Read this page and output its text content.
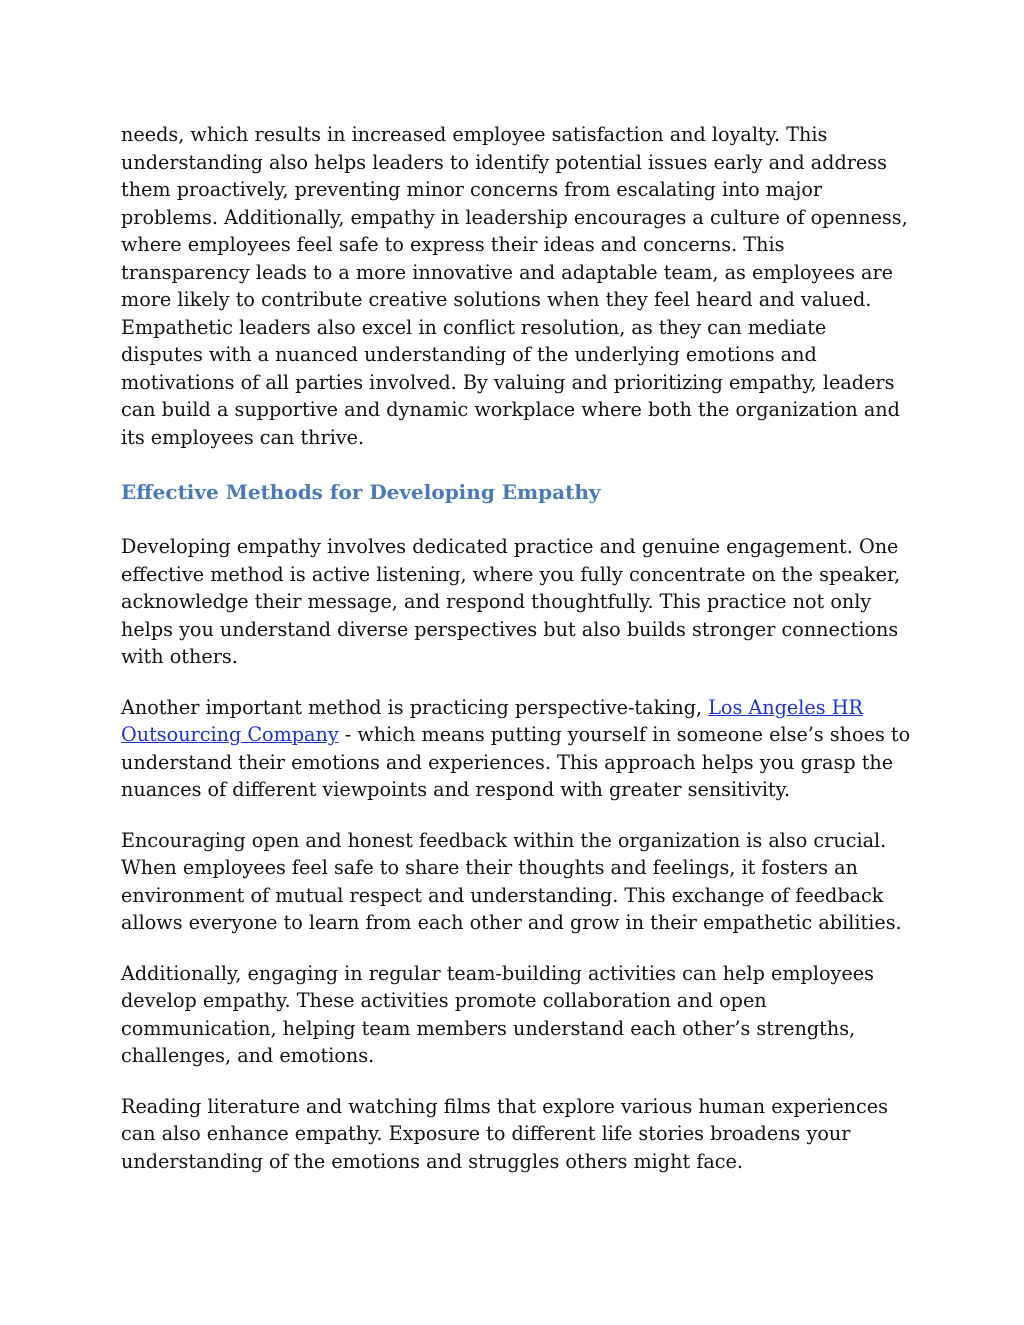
needs, which results in increased employee satisfaction and loyalty. This understanding also helps leaders to identify potential issues early and address them proactively, preventing minor concerns from escalating into major problems. Additionally, empathy in leadership encourages a culture of openness, where employees feel safe to express their ideas and concerns. This transparency leads to a more innovative and adaptable team, as employees are more likely to contribute creative solutions when they feel heard and valued. Empathetic leaders also excel in conflict resolution, as they can mediate disputes with a nuanced understanding of the underlying emotions and motivations of all parties involved. By valuing and prioritizing empathy, leaders can build a supportive and dynamic workplace where both the organization and its employees can thrive.

Effective Methods for Developing Empathy

Developing empathy involves dedicated practice and genuine engagement. One effective method is active listening, where you fully concentrate on the speaker, acknowledge their message, and respond thoughtfully. This practice not only helps you understand diverse perspectives but also builds stronger connections with others.

Another important method is practicing perspective-taking, Los Angeles HR Outsourcing Company - which means putting yourself in someone else’s shoes to understand their emotions and experiences. This approach helps you grasp the nuances of different viewpoints and respond with greater sensitivity.

Encouraging open and honest feedback within the organization is also crucial. When employees feel safe to share their thoughts and feelings, it fosters an environment of mutual respect and understanding. This exchange of feedback allows everyone to learn from each other and grow in their empathetic abilities.

Additionally, engaging in regular team-building activities can help employees develop empathy. These activities promote collaboration and open communication, helping team members understand each other’s strengths, challenges, and emotions.

Reading literature and watching films that explore various human experiences can also enhance empathy. Exposure to different life stories broadens your understanding of the emotions and struggles others might face.
